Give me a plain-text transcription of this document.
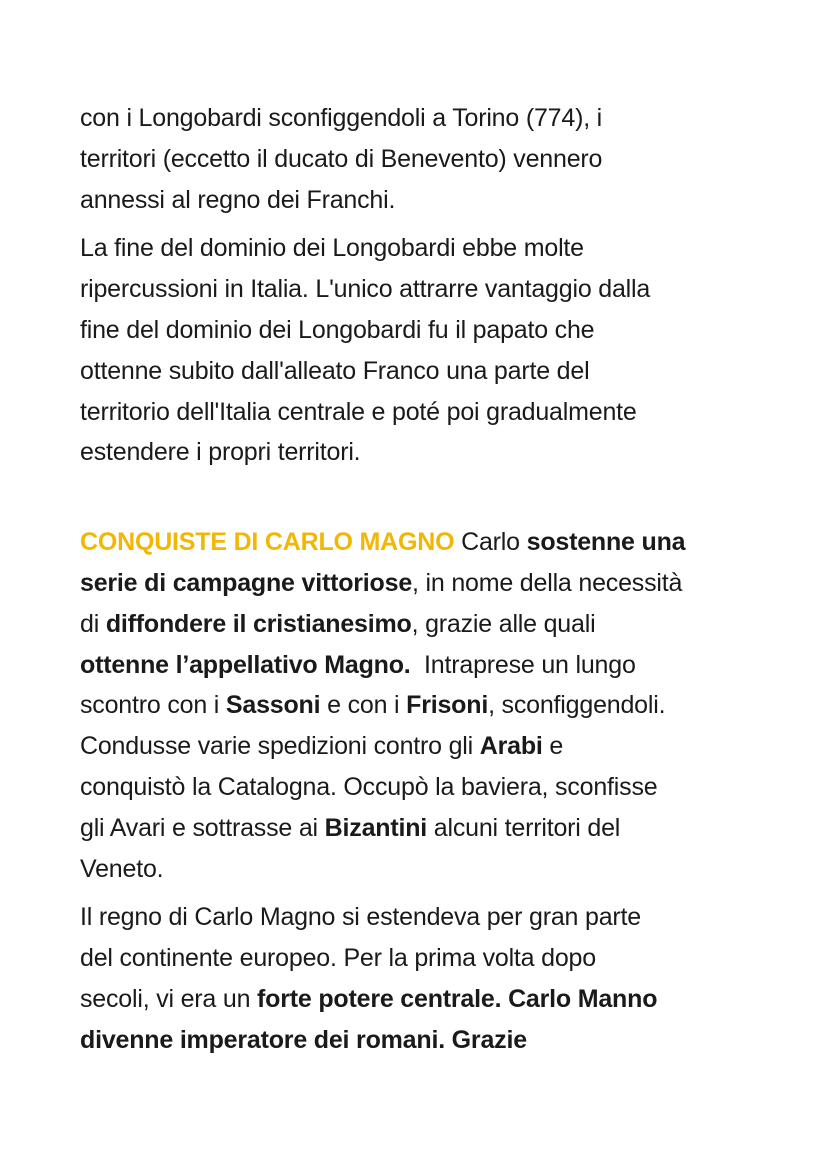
con i Longobardi sconfiggendoli a Torino (774), i
territori (eccetto il ducato di Benevento) vennero
annessi al regno dei Franchi.

La fine del dominio dei Longobardi ebbe molte
ripercussioni in Italia. L'unico attrarre vantaggio dalla
fine del dominio dei Longobardi fu il papato che
ottenne subito dall'alleato Franco una parte del
territorio dell'Italia centrale e poté poi gradualmente
estendere i propri territori.

CONQUISTE DI CARLO MAGNO Carlo sostenne una
serie di campagne vittoriose, in nome della necessità
di diffondere il cristianesimo, grazie alle quali
ottenne l’appellativo Magno.  Intraprese un lungo
scontro con i Sassoni e con i Frisoni, sconfiggendoli.
Condusse varie spedizioni contro gli Arabi e
conquistò la Catalogna. Occupò la baviera, sconfisse
gli Avari e sottrasse ai Bizantini alcuni territori del
Veneto.

Il regno di Carlo Magno si estendeva per gran parte
del continente europeo. Per la prima volta dopo
secoli, vi era un forte potere centrale. Carlo Manno
divenne imperatore dei romani. Grazie
